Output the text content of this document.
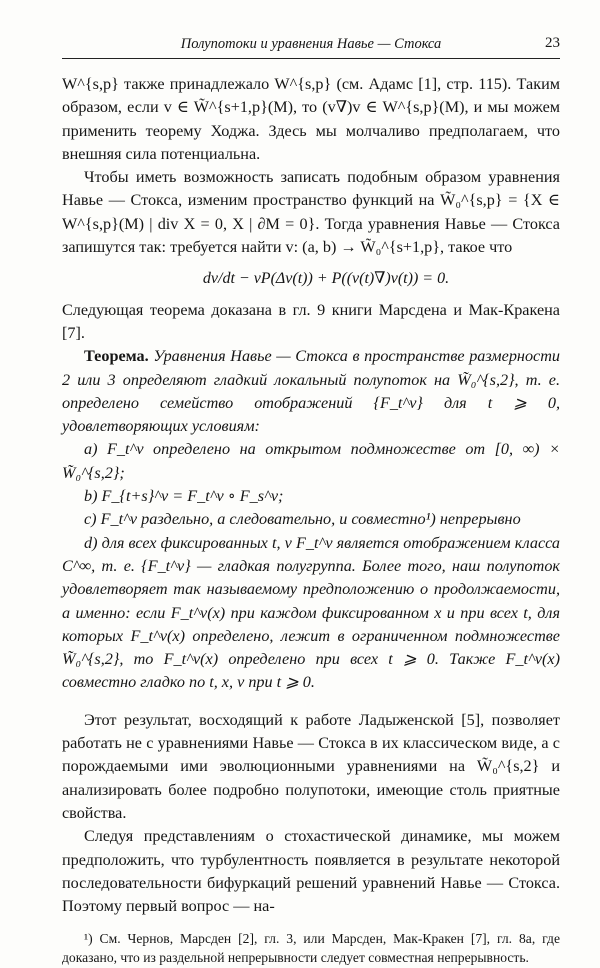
Полупотоки и уравнения Навье — Стокса	23

W^{s,p} также принадлежало W^{s,p} (см. Адамс [1], стр. 115). Таким образом, если v ∈ W̃^{s+1,p}(M), то (v∇)v ∈ W^{s,p}(M), и мы можем применить теорему Ходжа. Здесь мы молчаливо предполагаем, что внешняя сила потенциальна.

Чтобы иметь возможность записать подобным образом уравнения Навье — Стокса, изменим пространство функций на W̃₀^{s,p} = {X ∈ W^{s,p}(M) | div X = 0, X | ∂M = 0}. Тогда уравнения Навье — Стокса запишутся так: требуется найти v: (a, b) → W̃₀^{s+1,p}, такое что

dv/dt − νP(Δv(t)) + P((v(t)∇)v(t)) = 0.

Следующая теорема доказана в гл. 9 книги Марсдена и Мак-Кракена [7].

Теорема. Уравнения Навье — Стокса в пространстве размерности 2 или 3 определяют гладкий локальный полупоток на W̃₀^{s,2}, т. е. определено семейство отображений {F_t^ν} для t ⩾ 0, удовлетворяющих условиям:

a) F_t^ν определено на открытом подмножестве от [0, ∞) × W̃₀^{s,2};

b) F_{t+s}^ν = F_t^ν ∘ F_s^ν;

c) F_t^ν раздельно, а следовательно, и совместно¹) непрерывно

d) для всех фиксированных t, ν F_t^ν является отображением класса C^∞, т. е. {F_t^ν} — гладкая полугруппа. Более того, наш полупоток удовлетворяет так называемому предположению о продолжаемости, а именно: если F_t^ν(x) при каждом фиксированном x и при всех t, для которых F_t^ν(x) определено, лежит в ограниченном подмножестве W̃₀^{s,2}, то F_t^ν(x) определено при всех t ⩾ 0. Также F_t^ν(x) совместно гладко по t, x, ν при t ⩾ 0.

Этот результат, восходящий к работе Ладыженской [5], позволяет работать не с уравнениями Навье — Стокса в их классическом виде, а с порождаемыми ими эволюционными уравнениями на W̃₀^{s,2} и анализировать более подробно полупотоки, имеющие столь приятные свойства.

Следуя представлениям о стохастической динамике, мы можем предположить, что турбулентность появляется в результате некоторой последовательности бифуркаций решений уравнений Навье — Стокса. Поэтому первый вопрос — на-

¹) См. Чернов, Марсден [2], гл. 3, или Марсден, Мак-Кракен [7], гл. 8а, где доказано, что из раздельной непрерывности следует совместная непрерывность.
